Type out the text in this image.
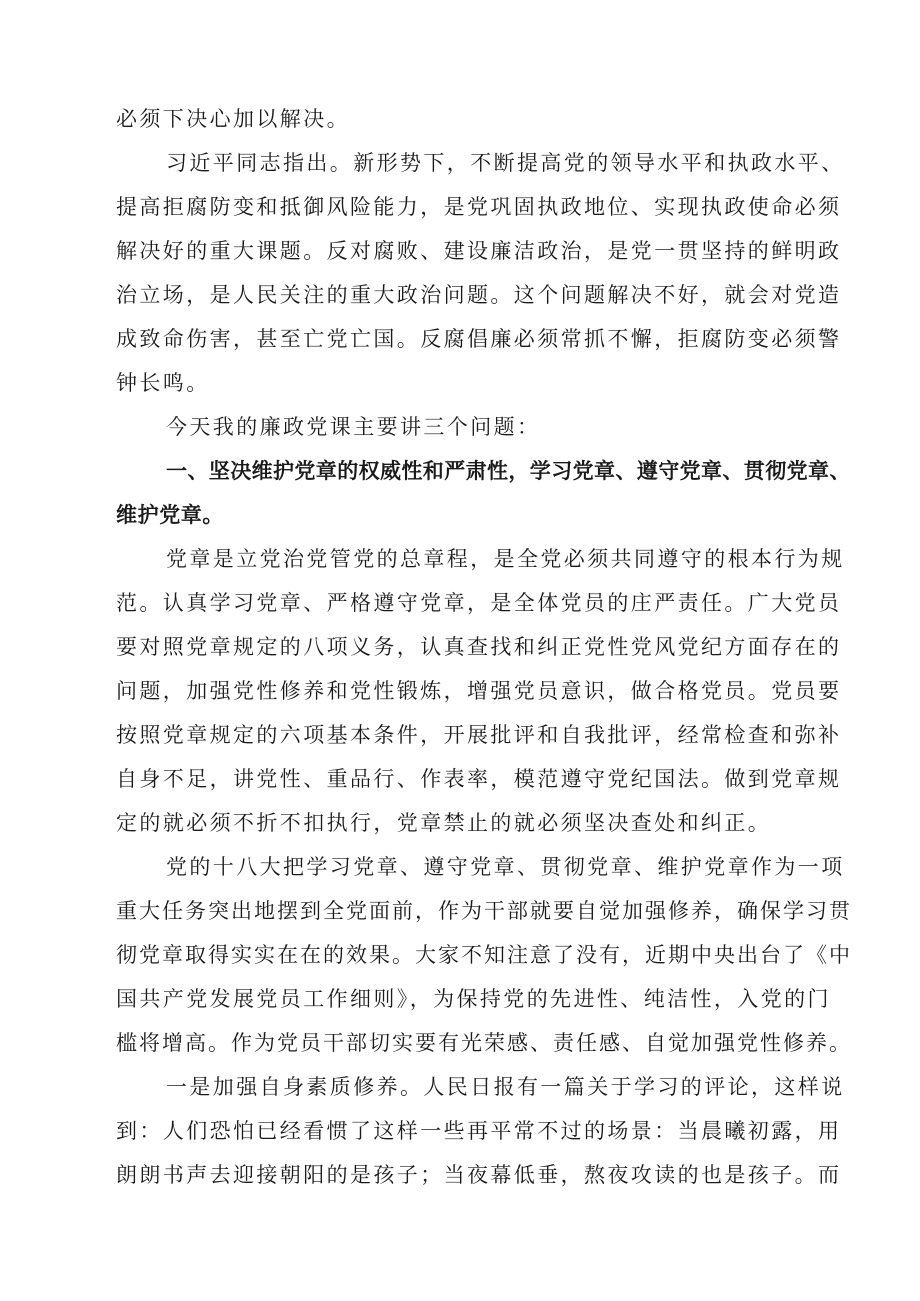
必须下决心加以解决。
习近平同志指出。新形势下，不断提高党的领导水平和执政水平、
提高拒腐防变和抵御风险能力，是党巩固执政地位、实现执政使命必须
解决好的重大课题。反对腐败、建设廉洁政治，是党一贯坚持的鲜明政
治立场，是人民关注的重大政治问题。这个问题解决不好，就会对党造
成致命伤害，甚至亡党亡国。反腐倡廉必须常抓不懈，拒腐防变必须警
钟长鸣。
今天我的廉政党课主要讲三个问题：
一、坚决维护党章的权威性和严肃性，学习党章、遵守党章、贯彻党章、
维护党章。
党章是立党治党管党的总章程，是全党必须共同遵守的根本行为规
范。认真学习党章、严格遵守党章，是全体党员的庄严责任。广大党员
要对照党章规定的八项义务，认真查找和纠正党性党风党纪方面存在的
问题，加强党性修养和党性锻炼，增强党员意识，做合格党员。党员要
按照党章规定的六项基本条件，开展批评和自我批评，经常检查和弥补
自身不足，讲党性、重品行、作表率，模范遵守党纪国法。做到党章规
定的就必须不折不扣执行，党章禁止的就必须坚决查处和纠正。
党的十八大把学习党章、遵守党章、贯彻党章、维护党章作为一项
重大任务突出地摆到全党面前，作为干部就要自觉加强修养，确保学习贯
彻党章取得实实在在的效果。大家不知注意了没有，近期中央出台了《中
国共产党发展党员工作细则》，为保持党的先进性、纯洁性，入党的门
槛将增高。作为党员干部切实要有光荣感、责任感、自觉加强党性修养。
一是加强自身素质修养。人民日报有一篇关于学习的评论，这样说
到：人们恐怕已经看惯了这样一些再平常不过的场景：当晨曦初露，用
朗朗书声去迎接朝阳的是孩子；当夜幕低垂，熬夜攻读的也是孩子。而
